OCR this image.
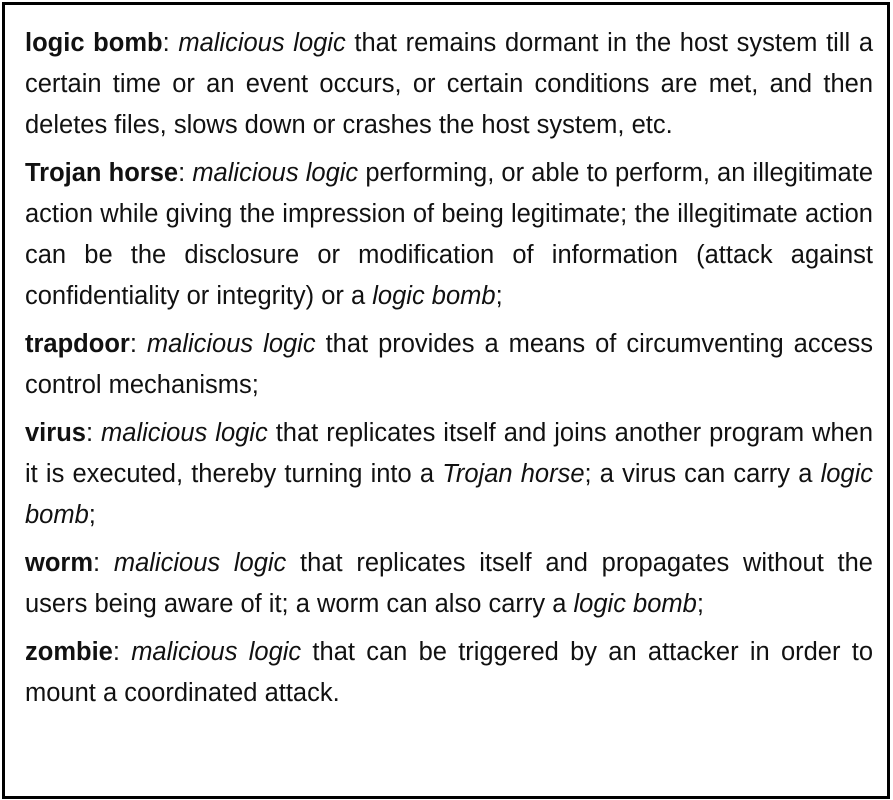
logic bomb: malicious logic that remains dormant in the host system till a certain time or an event occurs, or certain conditions are met, and then deletes files, slows down or crashes the host system, etc.

Trojan horse: malicious logic performing, or able to perform, an illegitimate action while giving the impression of being legitimate; the illegitimate action can be the disclosure or modification of information (attack against confidentiality or integrity) or a logic bomb;

trapdoor: malicious logic that provides a means of circumventing access control mechanisms;

virus: malicious logic that replicates itself and joins another program when it is executed, thereby turning into a Trojan horse; a virus can carry a logic bomb;

worm: malicious logic that replicates itself and propagates without the users being aware of it; a worm can also carry a logic bomb;

zombie: malicious logic that can be triggered by an attacker in order to mount a coordinated attack.
